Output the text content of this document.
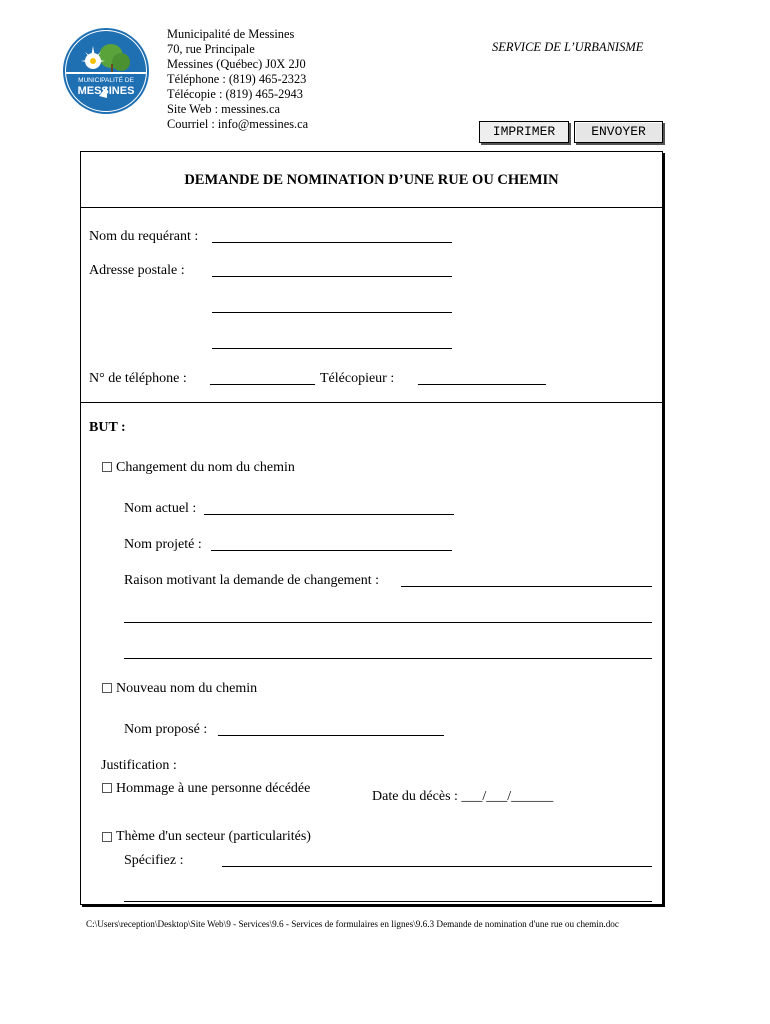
MUNICIPALITÉ DE
MESSINES
Municipalité de Messines
70, rue Principale
Messines (Québec) J0X 2J0
Téléphone : (819) 465-2323
Télécopie : (819) 465-2943
Site Web : messines.ca
Courriel : info@messines.ca
SERVICE DE L’URBANISME
IMPRIMER	ENVOYER
DEMANDE DE NOMINATION D’UNE RUE OU CHEMIN
Nom du requérant :
Adresse postale :
N° de téléphone :	Télécopieur :
BUT :
Changement du nom du chemin
Nom actuel :
Nom projeté :
Raison motivant la demande de changement :
Nouveau nom du chemin
Nom proposé :
Justification :
Hommage à une personne décédée
Date du décès : ___/___/______
Thème d'un secteur (particularités)
Spécifiez :
C:\Users\reception\Desktop\Site Web\9 - Services\9.6 - Services de formulaires en lignes\9.6.3 Demande de nomination d'une rue ou chemin.doc
